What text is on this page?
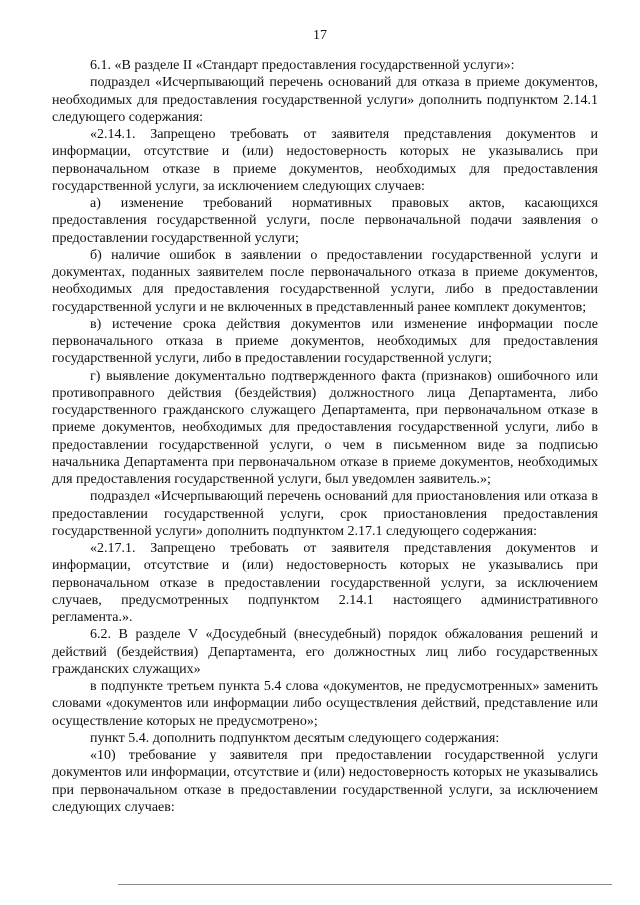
17

6.1. «В разделе II «Стандарт предоставления государственной услуги»:

подраздел «Исчерпывающий перечень оснований для отказа в приеме документов, необходимых для предоставления государственной услуги» дополнить подпунктом 2.14.1 следующего содержания:

«2.14.1. Запрещено требовать от заявителя представления документов и информации, отсутствие и (или) недостоверность которых не указывались при первоначальном отказе в приеме документов, необходимых для предоставления государственной услуги, за исключением следующих случаев:

а) изменение требований нормативных правовых актов, касающихся предоставления государственной услуги, после первоначальной подачи заявления о предоставлении государственной услуги;

б) наличие ошибок в заявлении о предоставлении государственной услуги и документах, поданных заявителем после первоначального отказа в приеме документов, необходимых для предоставления государственной услуги, либо в предоставлении государственной услуги и не включенных в представленный ранее комплект документов;

в) истечение срока действия документов или изменение информации после первоначального отказа в приеме документов, необходимых для предоставления государственной услуги, либо в предоставлении государственной услуги;

г) выявление документально подтвержденного факта (признаков) ошибочного или противоправного действия (бездействия) должностного лица Департамента, либо государственного гражданского служащего Департамента, при первоначальном отказе в приеме документов, необходимых для предоставления государственной услуги, либо в предоставлении государственной услуги, о чем в письменном виде за подписью начальника Департамента при первоначальном отказе в приеме документов, необходимых для предоставления государственной услуги, был уведомлен заявитель.»;

подраздел «Исчерпывающий перечень оснований для приостановления или отказа в предоставлении государственной услуги, срок приостановления предоставления государственной услуги» дополнить подпунктом 2.17.1 следующего содержания:

«2.17.1. Запрещено требовать от заявителя представления документов и информации, отсутствие и (или) недостоверность которых не указывались при первоначальном отказе в предоставлении государственной услуги, за исключением случаев, предусмотренных подпунктом 2.14.1 настоящего административного регламента.».

6.2. В разделе V «Досудебный (внесудебный) порядок обжалования решений и действий (бездействия) Департамента, его должностных лиц либо государственных гражданских служащих»

в подпункте третьем пункта 5.4 слова «документов, не предусмотренных» заменить словами «документов или информации либо осуществления действий, представление или осуществление которых не предусмотрено»;

пункт 5.4. дополнить подпунктом десятым следующего содержания:

«10) требование у заявителя при предоставлении государственной услуги документов или информации, отсутствие и (или) недостоверность которых не указывались при первоначальном отказе в предоставлении государственной услуги, за исключением следующих случаев:
